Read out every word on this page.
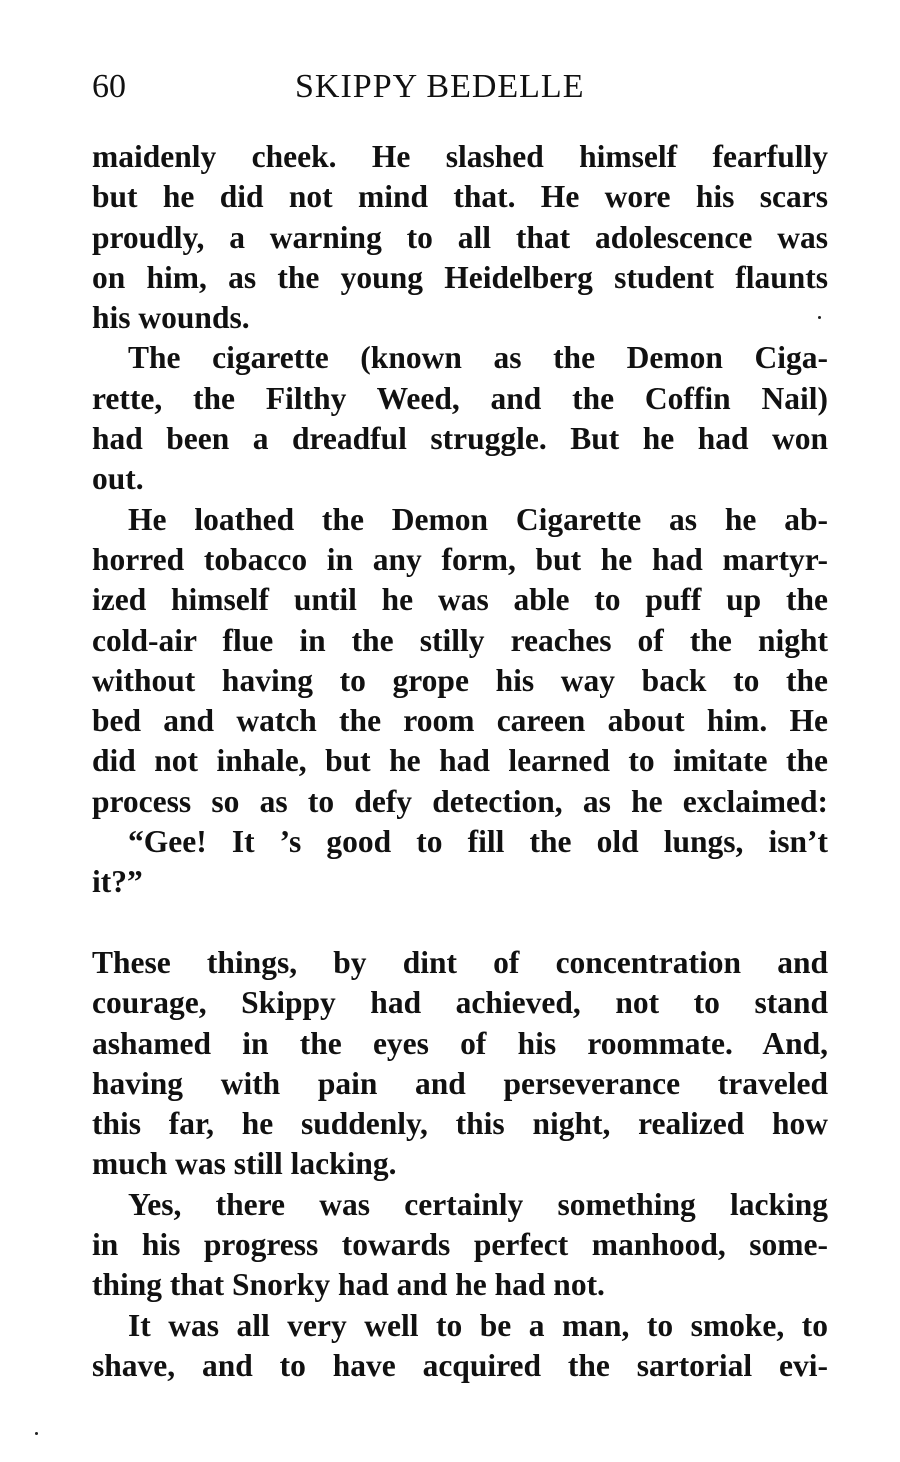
60	SKIPPY BEDELLE
maidenly cheek. He slashed himself fearfully
but he did not mind that. He wore his scars
proudly, a warning to all that adolescence was
on him, as the young Heidelberg student flaunts
his wounds.
The cigarette (known as the Demon Ciga-
rette, the Filthy Weed, and the Coffin Nail)
had been a dreadful struggle. But he had won
out.
He loathed the Demon Cigarette as he ab-
horred tobacco in any form, but he had martyr-
ized himself until he was able to puff up the
cold-air flue in the stilly reaches of the night
without having to grope his way back to the
bed and watch the room careen about him. He
did not inhale, but he had learned to imitate the
process so as to defy detection, as he exclaimed:
“Gee! It ’s good to fill the old lungs, isn’t
it?”
These things, by dint of concentration and
courage, Skippy had achieved, not to stand
ashamed in the eyes of his roommate. And,
having with pain and perseverance traveled
this far, he suddenly, this night, realized how
much was still lacking.
Yes, there was certainly something lacking
in his progress towards perfect manhood, some-
thing that Snorky had and he had not.
It was all very well to be a man, to smoke, to
shave, and to have acquired the sartorial evi-
